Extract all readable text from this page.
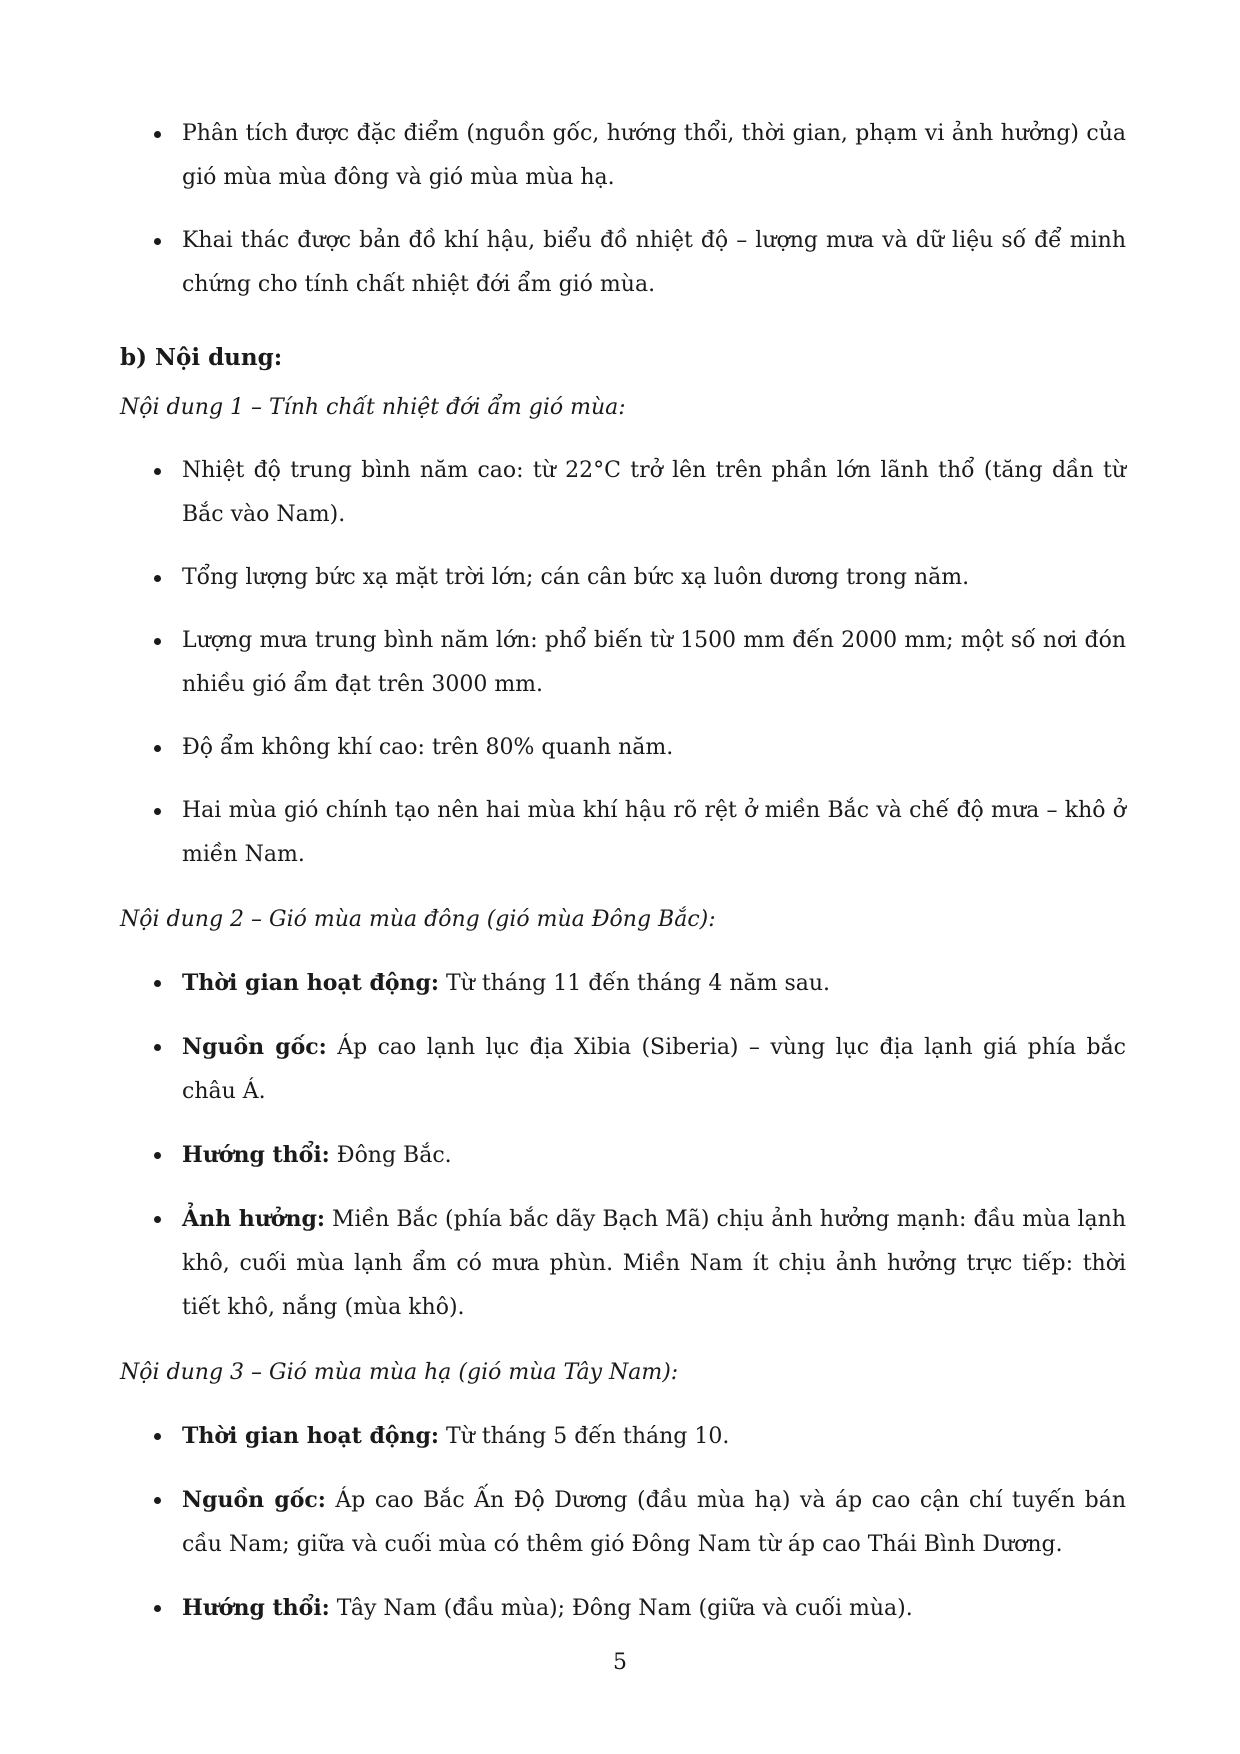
Phân tích được đặc điểm (nguồn gốc, hướng thổi, thời gian, phạm vi ảnh hưởng) của gió mùa mùa đông và gió mùa mùa hạ.
Khai thác được bản đồ khí hậu, biểu đồ nhiệt độ – lượng mưa và dữ liệu số để minh chứng cho tính chất nhiệt đới ẩm gió mùa.
b) Nội dung:
Nội dung 1 – Tính chất nhiệt đới ẩm gió mùa:
Nhiệt độ trung bình năm cao: từ 22°C trở lên trên phần lớn lãnh thổ (tăng dần từ Bắc vào Nam).
Tổng lượng bức xạ mặt trời lớn; cán cân bức xạ luôn dương trong năm.
Lượng mưa trung bình năm lớn: phổ biến từ 1500 mm đến 2000 mm; một số nơi đón nhiều gió ẩm đạt trên 3000 mm.
Độ ẩm không khí cao: trên 80% quanh năm.
Hai mùa gió chính tạo nên hai mùa khí hậu rõ rệt ở miền Bắc và chế độ mưa – khô ở miền Nam.
Nội dung 2 – Gió mùa mùa đông (gió mùa Đông Bắc):
Thời gian hoạt động: Từ tháng 11 đến tháng 4 năm sau.
Nguồn gốc: Áp cao lạnh lục địa Xibia (Siberia) – vùng lục địa lạnh giá phía bắc châu Á.
Hướng thổi: Đông Bắc.
Ảnh hưởng: Miền Bắc (phía bắc dãy Bạch Mã) chịu ảnh hưởng mạnh: đầu mùa lạnh khô, cuối mùa lạnh ẩm có mưa phùn. Miền Nam ít chịu ảnh hưởng trực tiếp: thời tiết khô, nắng (mùa khô).
Nội dung 3 – Gió mùa mùa hạ (gió mùa Tây Nam):
Thời gian hoạt động: Từ tháng 5 đến tháng 10.
Nguồn gốc: Áp cao Bắc Ấn Độ Dương (đầu mùa hạ) và áp cao cận chí tuyến bán cầu Nam; giữa và cuối mùa có thêm gió Đông Nam từ áp cao Thái Bình Dương.
Hướng thổi: Tây Nam (đầu mùa); Đông Nam (giữa và cuối mùa).
5
